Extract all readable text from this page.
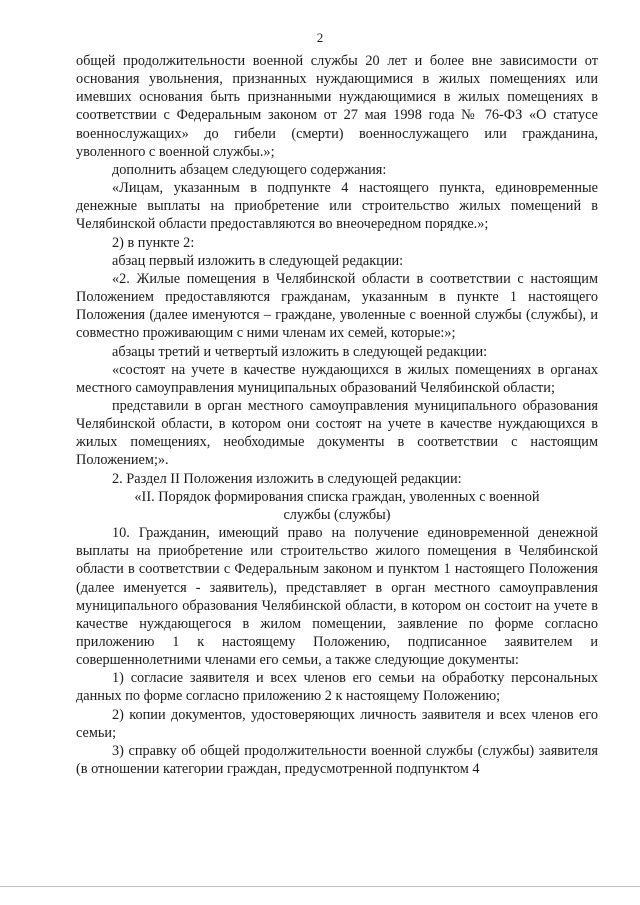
2

общей продолжительности военной службы 20 лет и более вне зависимости от основания увольнения, признанных нуждающимися в жилых помещениях или имевших основания быть признанными нуждающимися в жилых помещениях в соответствии с Федеральным законом от 27 мая 1998 года № 76-ФЗ «О статусе военнослужащих» до гибели (смерти) военнослужащего или гражданина, уволенного с военной службы.»;

дополнить абзацем следующего содержания:

«Лицам, указанным в подпункте 4 настоящего пункта, единовременные денежные выплаты на приобретение или строительство жилых помещений в Челябинской области предоставляются во внеочередном порядке.»;

2) в пункте 2:

абзац первый изложить в следующей редакции:

«2. Жилые помещения в Челябинской области в соответствии с настоящим Положением предоставляются гражданам, указанным в пункте 1 настоящего Положения (далее именуются – граждане, уволенные с военной службы (службы), и совместно проживающим с ними членам их семей, которые:»;

абзацы третий и четвертый изложить в следующей редакции:

«состоят на учете в качестве нуждающихся в жилых помещениях в органах местного самоуправления муниципальных образований Челябинской области;

представили в орган местного самоуправления муниципального образования Челябинской области, в котором они состоят на учете в качестве нуждающихся в жилых помещениях, необходимые документы в соответствии с настоящим Положением;».

2. Раздел II Положения изложить в следующей редакции:

«II. Порядок формирования списка граждан, уволенных с военной службы (службы)

10. Гражданин, имеющий право на получение единовременной денежной выплаты на приобретение или строительство жилого помещения в Челябинской области в соответствии с Федеральным законом и пунктом 1 настоящего Положения (далее именуется - заявитель), представляет в орган местного самоуправления муниципального образования Челябинской области, в котором он состоит на учете в качестве нуждающегося в жилом помещении, заявление по форме согласно приложению 1 к настоящему Положению, подписанное заявителем и совершеннолетними членами его семьи, а также следующие документы:

1) согласие заявителя и всех членов его семьи на обработку персональных данных по форме согласно приложению 2 к настоящему Положению;

2) копии документов, удостоверяющих личность заявителя и всех членов его семьи;

3) справку об общей продолжительности военной службы (службы) заявителя (в отношении категории граждан, предусмотренной подпунктом 4
